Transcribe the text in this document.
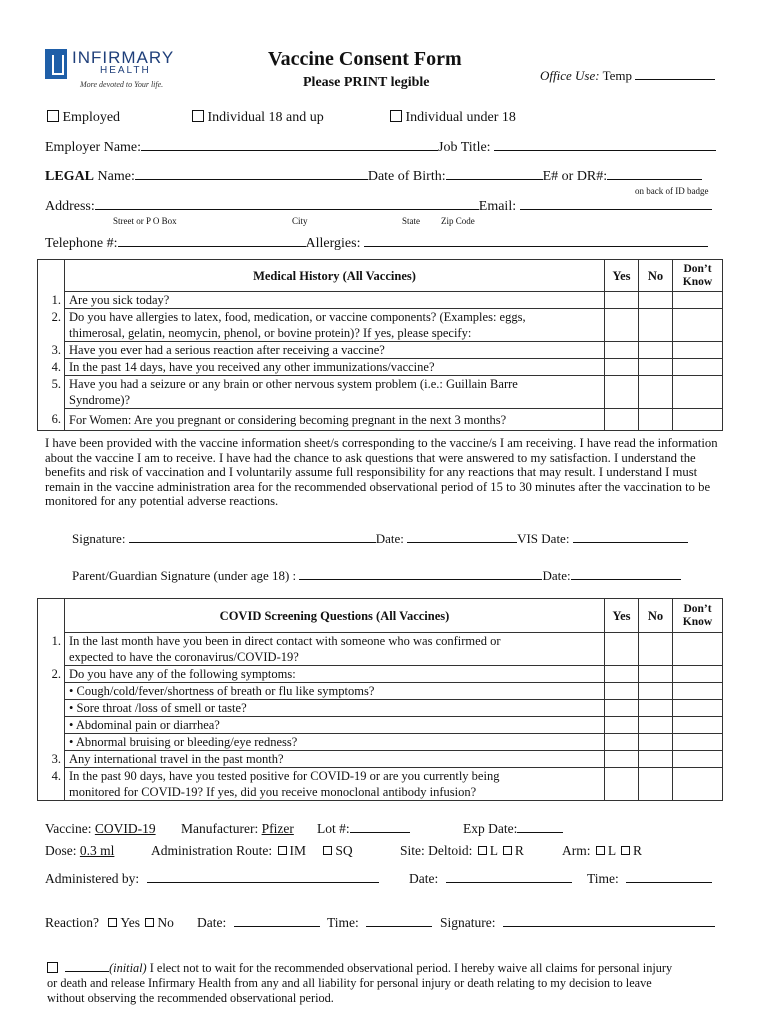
INFIRMARY
HEALTH
More devoted to Your life.
Vaccine Consent Form
Please PRINT legible	Office Use: Temp
Employed	Individual 18 and up	Individual under 18
Employer Name:	Job Title:
LEGAL Name:	Date of Birth:	E# or DR#:
on back of ID badge
Address:	Email:
Street or P O Box	City	State Zip Code
Telephone #:	Allergies:
	Medical History (All Vaccines)	Yes	No	Don’t
Know
1.	Are you sick today?			
2.	Do you have allergies to latex, food, medication, or vaccine components? (Examples: eggs,
thimerosal, gelatin, neomycin, phenol, or bovine protein)? If yes, please specify:			
3.	Have you ever had a serious reaction after receiving a vaccine?			
4.	In the past 14 days, have you received any other immunizations/vaccine?			
5.	Have you had a seizure or any brain or other nervous system problem (i.e.: Guillain Barre
Syndrome)?			
6.	For Women: Are you pregnant or considering becoming pregnant in the next 3 months?			
I have been provided with the vaccine information sheet/s corresponding to the vaccine/s I am receiving. I have read the information about the vaccine I am to receive. I have had the chance to ask questions that were answered to my satisfaction. I understand the benefits and risk of vaccination and I voluntarily assume full responsibility for any reactions that may result. I understand I must remain in the vaccine administration area for the recommended observational period of 15 to 30 minutes after the vaccination to be monitored for any potential adverse reactions.
Signature:	Date:	VIS Date:
Parent/Guardian Signature (under age 18) :	Date:
	COVID Screening Questions (All Vaccines)	Yes	No	Don’t
Know
1.	In the last month have you been in direct contact with someone who was confirmed or
expected to have the coronavirus/COVID-19?			
2.	Do you have any of the following symptoms:			
	• Cough/cold/fever/shortness of breath or flu like symptoms?			
	• Sore throat /loss of smell or taste?			
	• Abdominal pain or diarrhea?			
	• Abnormal bruising or bleeding/eye redness?			
3.	Any international travel in the past month?			
4.	In the past 90 days, have you tested positive for COVID-19 or are you currently being
monitored for COVID-19? If yes, did you receive monoclonal antibody infusion?			
Vaccine: COVID-19 Manufacturer: Pfizer Lot #:	Exp Date:
Dose: 0.3 ml	Administration Route: IM SQ	Site: Deltoid: L R	Arm: L R
Administered by:	Date:	Time:
Reaction? Yes No Date:	Time:	Signature:
(initial) I elect not to wait for the recommended observational period. I hereby waive all claims for personal injury
or death and release Infirmary Health from any and all liability for personal injury or death relating to my decision to leave
without observing the recommended observational period.
